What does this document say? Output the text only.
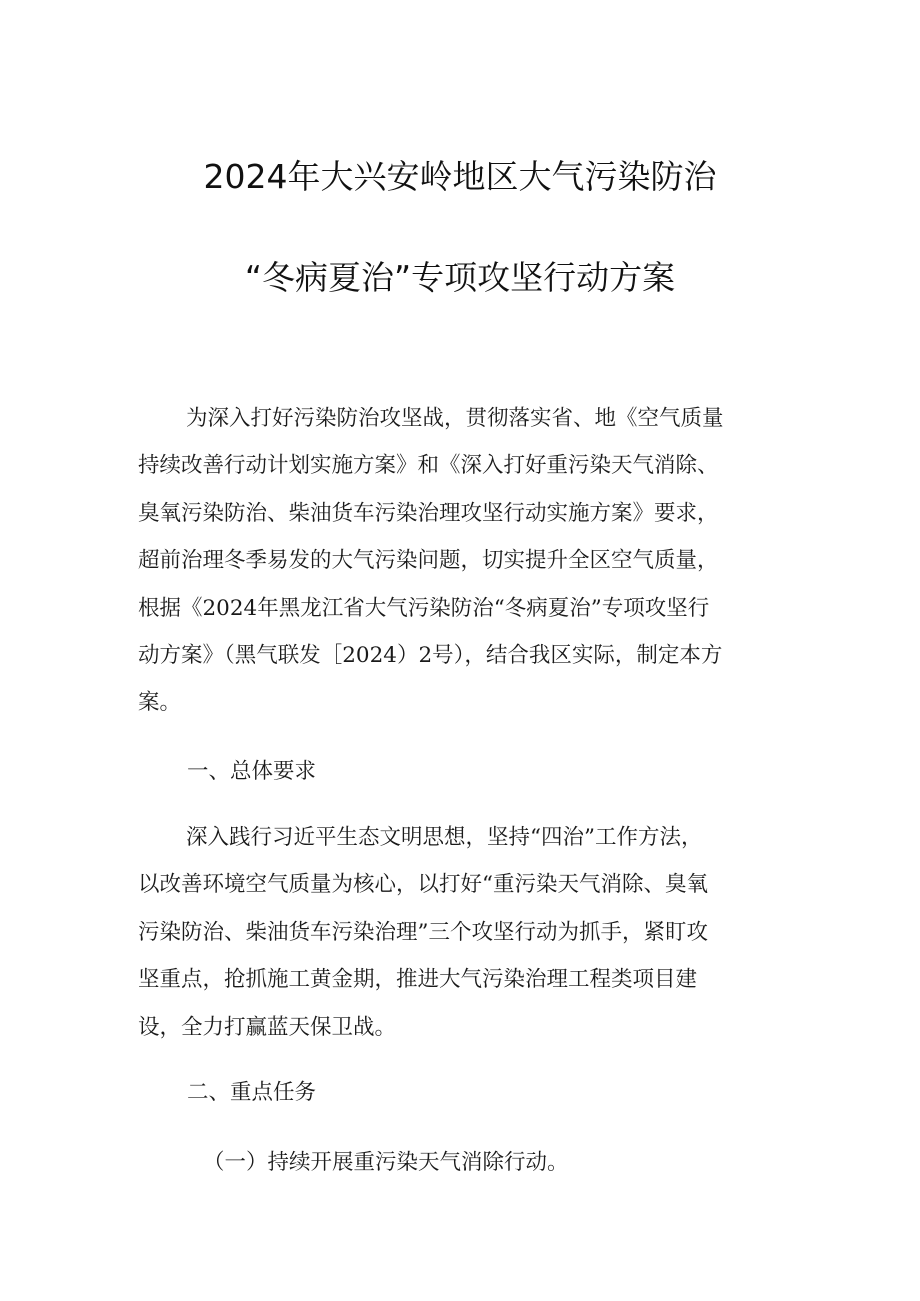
2024年大兴安岭地区大气污染防治
“冬病夏治”专项攻坚行动方案
为深入打好污染防治攻坚战，贯彻落实省、地《空气质量
持续改善行动计划实施方案》和《深入打好重污染天气消除、
臭氧污染防治、柴油货车污染治理攻坚行动实施方案》要求，
超前治理冬季易发的大气污染问题，切实提升全区空气质量，
根据《2024年黑龙江省大气污染防治“冬病夏治”专项攻坚行
动方案》（黑气联发［2024）2号），结合我区实际，制定本方
案。
一、总体要求
深入践行习近平生态文明思想，坚持“四治”工作方法，
以改善环境空气质量为核心，以打好“重污染天气消除、臭氧
污染防治、柴油货车污染治理”三个攻坚行动为抓手，紧盯攻
坚重点，抢抓施工黄金期，推进大气污染治理工程类项目建
设，全力打赢蓝天保卫战。
二、重点任务
（一）持续开展重污染天气消除行动。
